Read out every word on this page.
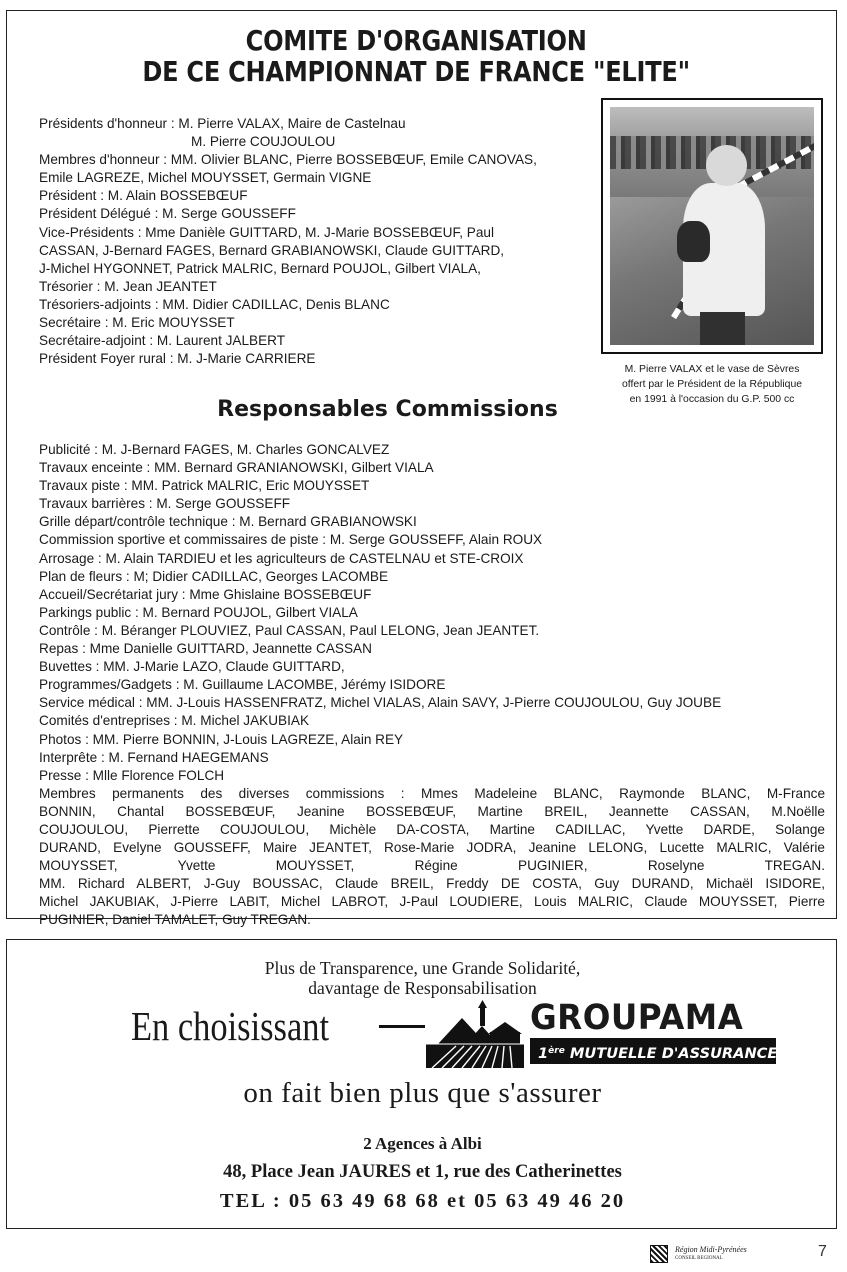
COMITE D'ORGANISATION
DE CE CHAMPIONNAT DE FRANCE "ELITE"
Présidents d'honneur : M. Pierre VALAX, Maire de Castelnau
M. Pierre COUJOULOU
Membres d'honneur : MM. Olivier BLANC, Pierre BOSSEBŒUF, Emile CANOVAS,
Emile LAGREZE, Michel MOUYSSET, Germain VIGNE
Président : M. Alain BOSSEBŒUF
Président Délégué : M. Serge GOUSSEFF
Vice-Présidents : Mme Danièle GUITTARD, M. J-Marie BOSSEBŒUF, Paul
CASSAN, J-Bernard FAGES, Bernard GRABIANOWSKI, Claude GUITTARD,
J-Michel HYGONNET, Patrick MALRIC, Bernard POUJOL, Gilbert VIALA,
Trésorier : M. Jean JEANTET
Trésoriers-adjoints : MM. Didier CADILLAC, Denis BLANC
Secrétaire : M. Eric MOUYSSET
Secrétaire-adjoint : M. Laurent JALBERT
Président Foyer rural : M. J-Marie CARRIERE
M. Pierre VALAX et le vase de Sèvres
offert par le Président de la République
en 1991 à l'occasion du G.P. 500 cc
Responsables Commissions
Publicité : M. J-Bernard FAGES, M. Charles GONCALVEZ
Travaux enceinte : MM. Bernard GRANIANOWSKI, Gilbert VIALA
Travaux piste : MM. Patrick MALRIC, Eric MOUYSSET
Travaux barrières : M. Serge GOUSSEFF
Grille départ/contrôle technique : M. Bernard GRABIANOWSKI
Commission sportive et commissaires de piste : M. Serge GOUSSEFF, Alain ROUX
Arrosage : M. Alain TARDIEU et les agriculteurs de CASTELNAU et STE-CROIX
Plan de fleurs : M; Didier CADILLAC, Georges LACOMBE
Accueil/Secrétariat jury : Mme Ghislaine BOSSEBŒUF
Parkings public : M. Bernard POUJOL, Gilbert VIALA
Contrôle : M. Béranger PLOUVIEZ, Paul CASSAN, Paul LELONG, Jean JEANTET.
Repas : Mme Danielle GUITTARD, Jeannette CASSAN
Buvettes : MM. J-Marie LAZO, Claude GUITTARD,
Programmes/Gadgets : M. Guillaume LACOMBE, Jérémy ISIDORE
Service médical : MM. J-Louis HASSENFRATZ, Michel VIALAS, Alain SAVY, J-Pierre COUJOULOU, Guy JOUBE
Comités d'entreprises : M. Michel JAKUBIAK
Photos : MM. Pierre BONNIN, J-Louis LAGREZE, Alain REY
Interprête : M. Fernand HAEGEMANS
Presse : Mlle Florence FOLCH
Membres permanents des diverses commissions : Mmes Madeleine BLANC, Raymonde BLANC, M-France
BONNIN, Chantal BOSSEBŒUF, Jeanine BOSSEBŒUF, Martine BREIL, Jeannette CASSAN, M.Noëlle
COUJOULOU, Pierrette COUJOULOU, Michèle DA-COSTA, Martine CADILLAC, Yvette DARDE, Solange
DURAND, Evelyne GOUSSEFF, Maire JEANTET, Rose-Marie JODRA, Jeanine LELONG, Lucette MALRIC, Valérie
MOUYSSET, Yvette MOUYSSET, Régine PUGINIER, Roselyne TREGAN.
MM. Richard ALBERT, J-Guy BOUSSAC, Claude BREIL, Freddy DE COSTA, Guy DURAND, Michaël ISIDORE,
Michel JAKUBIAK, J-Pierre LABIT, Michel LABROT, J-Paul LOUDIERE, Louis MALRIC, Claude MOUYSSET, Pierre
PUGINIER, Daniel TAMALET, Guy TREGAN.
Plus de Transparence, une Grande Solidarité,
davantage de Responsabilisation
En choisissant	GROUPAMA
1ère MUTUELLE D'ASSURANCE
on fait bien plus que s'assurer
2 Agences à Albi
48, Place Jean JAURES et 1, rue des Catherinettes
TEL : 05 63 49 68 68 et 05 63 49 46 20
Région Midi-Pyrénées
CONSEIL REGIONAL	7
